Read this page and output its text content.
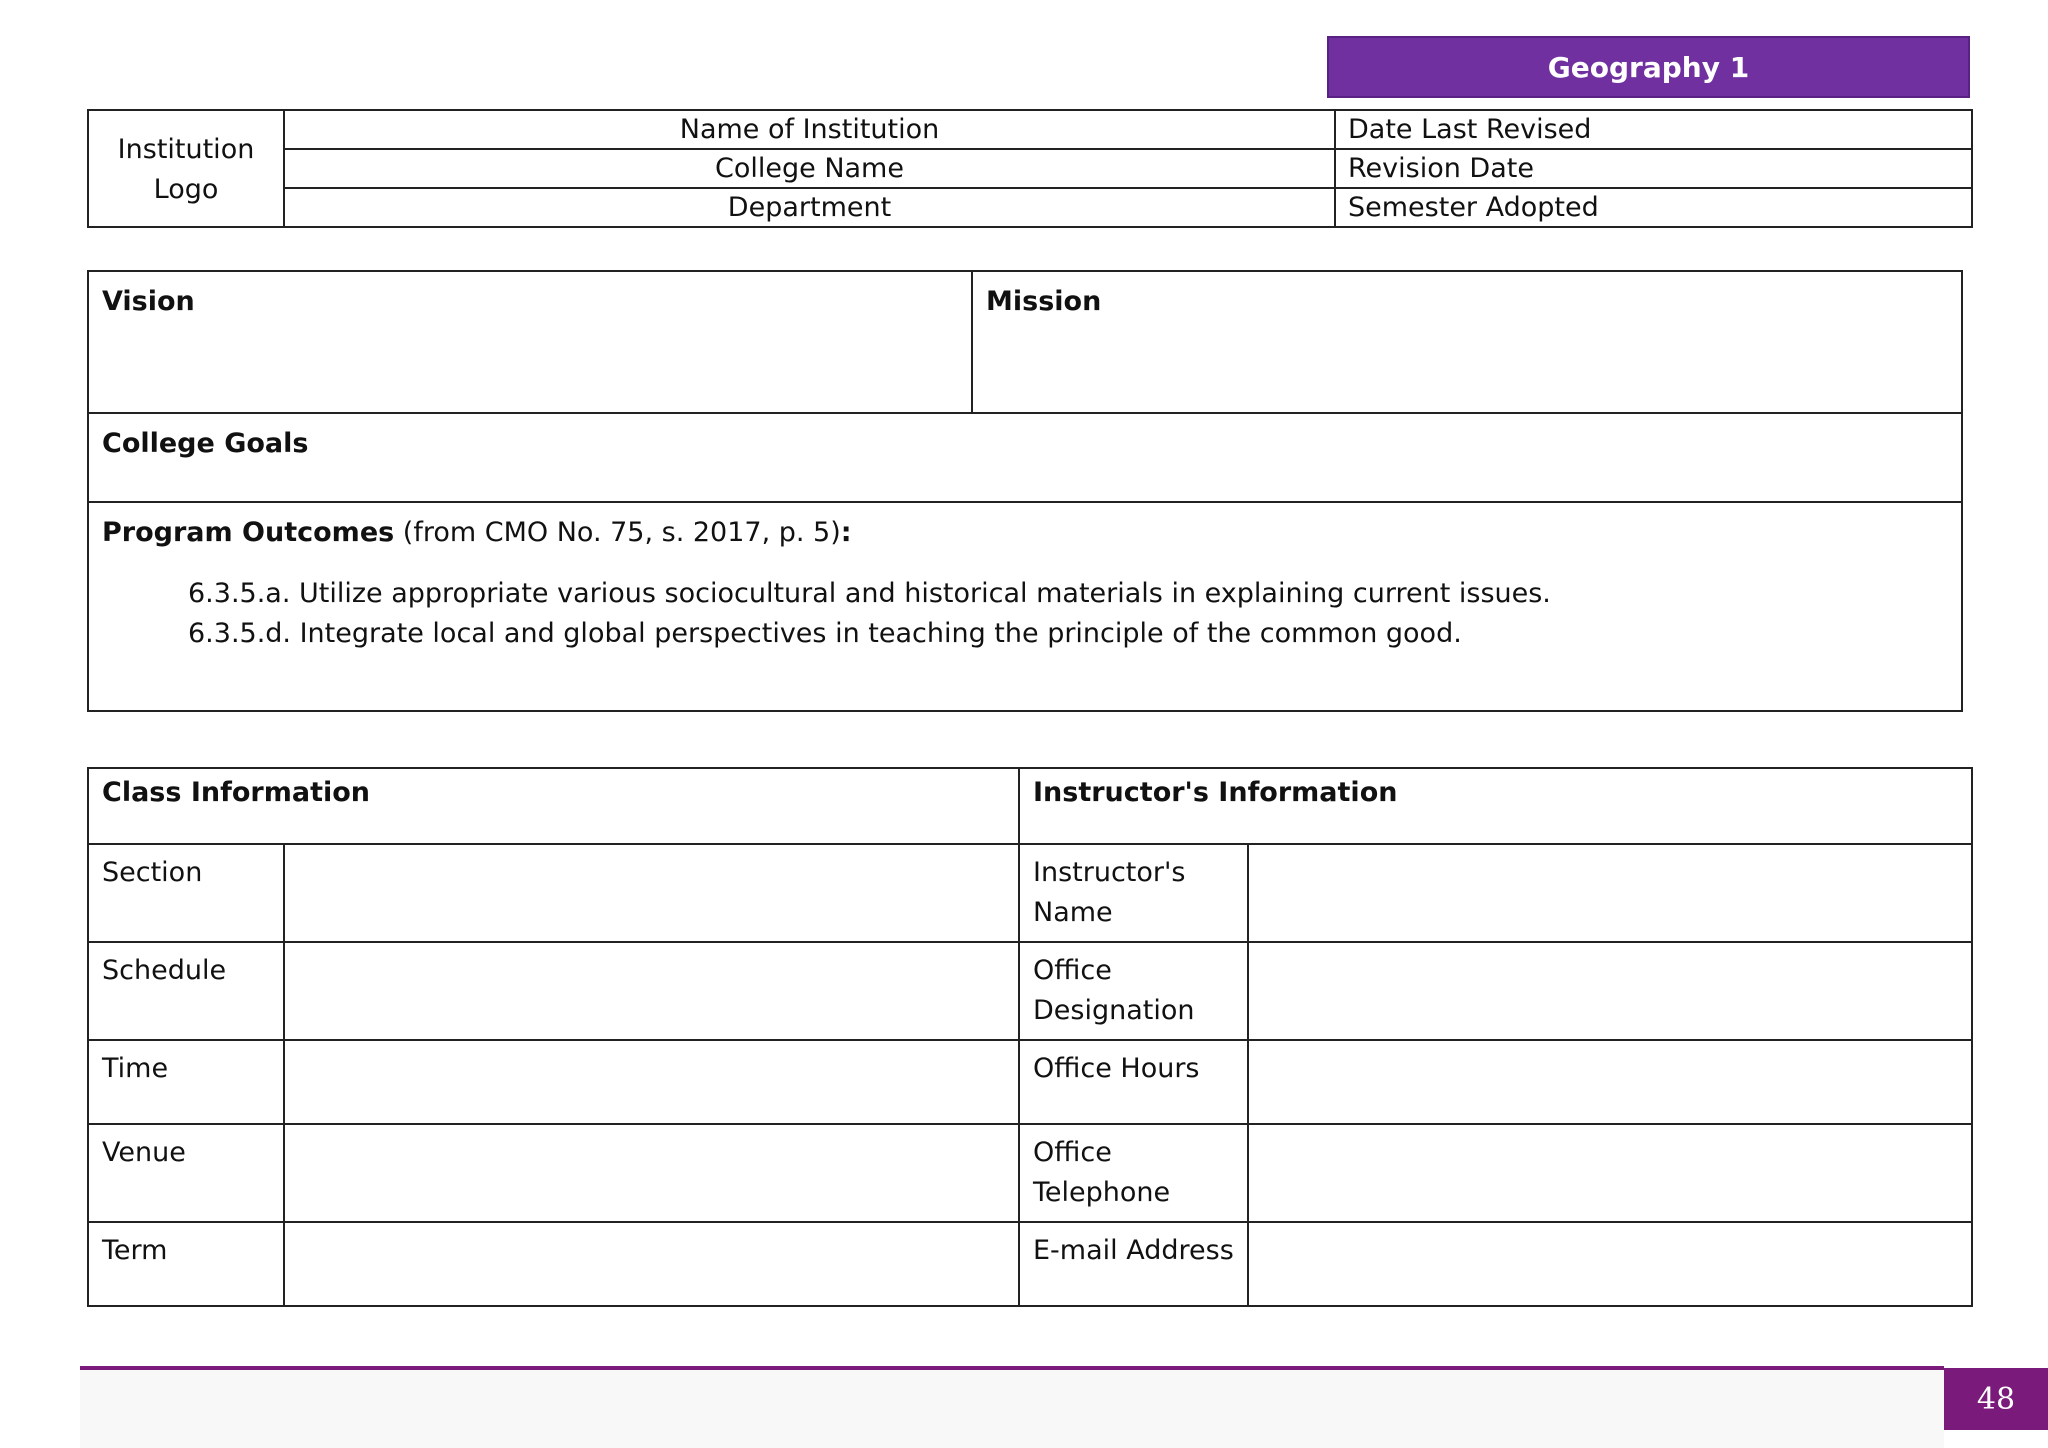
Geography 1
Institution
Logo	Name of Institution	Date Last Revised
	College Name	Revision Date
	Department	Semester Adopted
Vision	Mission
College Goals
Program Outcomes (from CMO No. 75, s. 2017, p. 5):
6.3.5.a. Utilize appropriate various sociocultural and historical materials in explaining current issues.
6.3.5.d. Integrate local and global perspectives in teaching the principle of the common good.
Class Information		Instructor's Information	
Section		Instructor's Name	
Schedule		Office Designation	
Time		Office Hours	
Venue		Office Telephone	
Term		E-mail Address	
48
